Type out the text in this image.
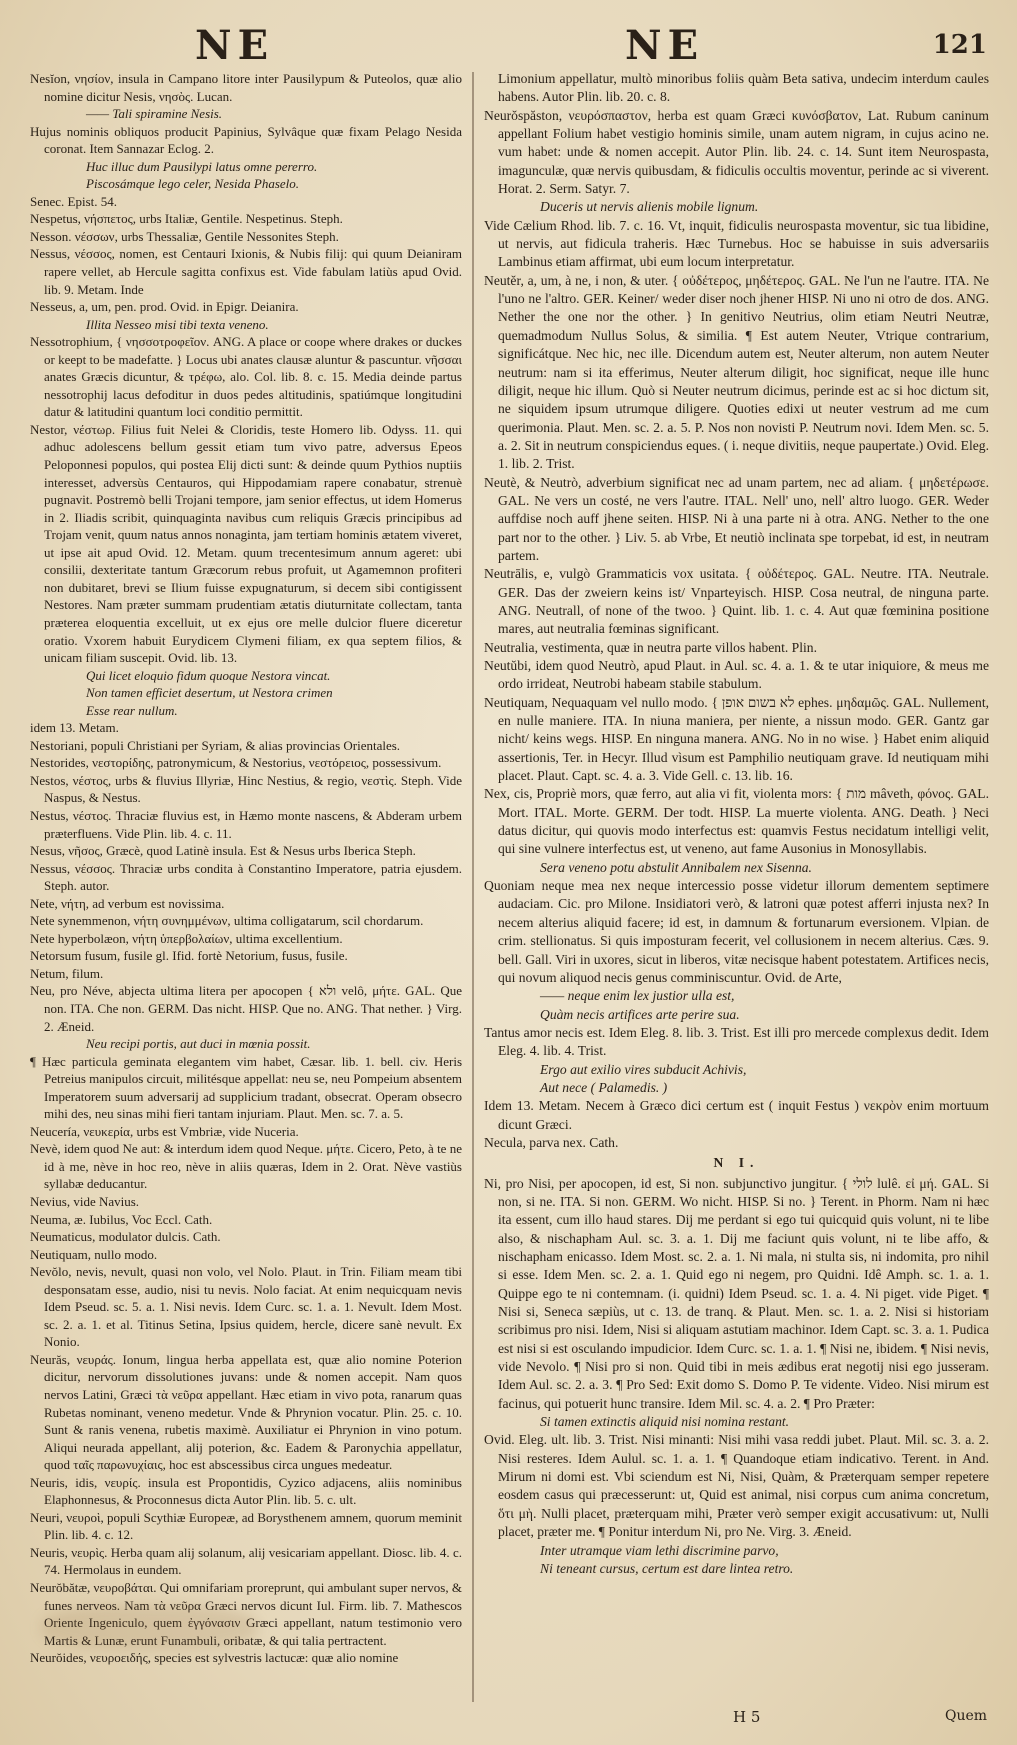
NE	NE	121

Nesĭon, νησίον, insula in Campano litore inter Pausilypum & Puteolos, quæ alio nomine dicitur Nesis, νησὸς. Lucan.

—— Tali spiramine Nesis.

Hujus nominis obliquos producit Papinius, Sylvâque quæ fixam Pelago Nesida coronat. Item Sannazar Eclog. 2.

Huc illuc dum Pausilypi latus omne pererro.

Piscosámque lego celer, Nesida Phaselo.

Senec. Epist. 54.

Nespetus, νήσπετος, urbs Italiæ, Gentile. Nespetinus. Steph.

Nesson. νέσσων, urbs Thessaliæ, Gentile Nessonites Steph.

Nessus, νέσσος, nomen, est Centauri Ixionis, & Nubis filij: qui quum Deianiram rapere vellet, ab Hercule sagitta confixus est. Vide fabulam latiùs apud Ovid. lib. 9. Metam. Inde

Nesseus, a, um, pen. prod. Ovid. in Epigr. Deianira.

Illita Nesseo misi tibi texta veneno.

Nessotrophium, { νησσοτροφεῖον. ANG. A place or coope where drakes or duckes or keept to be madefatte. } Locus ubi anates clausæ aluntur & pascuntur. νῆσσαι anates Græcis dicuntur, & τρέφω, alo. Col. lib. 8. c. 15. Media deinde partus nessotrophij lacus defoditur in duos pedes altitudinis, spatiúmque longitudini datur & latitudini quantum loci conditio permittit.

Nestor, νέστωρ. Filius fuit Nelei & Cloridis, teste Homero lib. Odyss. 11. qui adhuc adolescens bellum gessit etiam tum vivo patre, adversus Epeos Peloponnesi populos, qui postea Elij dicti sunt: & deinde quum Pythios nuptiis interesset, adversùs Centauros, qui Hippodamiam rapere conabatur, strenuè pugnavit. Postremò belli Trojani tempore, jam senior effectus, ut idem Homerus in 2. Iliadis scribit, quinquaginta navibus cum reliquis Græcis principibus ad Trojam venit, quum natus annos nonaginta, jam tertiam hominis ætatem viveret, ut ipse ait apud Ovid. 12. Metam. quum trecentesimum annum ageret: ubi consilii, dexteritate tantum Græcorum rebus profuit, ut Agamemnon profiteri non dubitaret, brevi se Ilium fuisse expugnaturum, si decem sibi contigissent Nestores. Nam præter summam prudentiam ætatis diuturnitate collectam, tanta præterea eloquentia excelluit, ut ex ejus ore melle dulcior fluere diceretur oratio. Vxorem habuit Eurydicem Clymeni filiam, ex qua septem filios, & unicam filiam suscepit. Ovid. lib. 13.

Qui licet eloquio fidum quoque Nestora vincat.

Non tamen efficiet desertum, ut Nestora crimen

Esse rear nullum.

idem 13. Metam.

Nestoriani, populi Christiani per Syriam, & alias provincias Orientales.

Nestorides, νεστορίδης, patronymicum, & Nestorius, νεστόρειος, possessivum.

Nestos, νέστος, urbs & fluvius Illyriæ, Hinc Nestius, & regio, νεστὶς. Steph. Vide Naspus, & Nestus.

Nestus, νέστος. Thraciæ fluvius est, in Hæmo monte nascens, & Abderam urbem præterfluens. Vide Plin. lib. 4. c. 11.

Nesus, νῆσος, Græcè, quod Latinè insula. Est & Nesus urbs Iberica Steph.

Nessus, νέσσος. Thraciæ urbs condita à Constantino Imperatore, patria ejusdem. Steph. autor.

Nete, νήτη, ad verbum est novissima.

Nete synemmenon, νήτη συνημμένων, ultima colligatarum, scil chordarum.

Nete hyperbolæon, νήτη ὑπερβολαίων, ultima excellentium.

Netorsum fusum, fusile gl. Ifid. fortè Netorium, fusus, fusile.

Netum, filum.

Neu, pro Néve, abjecta ultima litera per apocopen { ולא velô, μήτε. GAL. Que non. ITA. Che non. GERM. Das nicht. HISP. Que no. ANG. That nether. } Virg. 2. Æneid.

Neu recipi portis, aut duci in mœnia possit.

¶ Hæc particula geminata elegantem vim habet, Cæsar. lib. 1. bell. civ. Heris Petreius manipulos circuit, militésque appellat: neu se, neu Pompeium absentem Imperatorem suum adversarij ad supplicium tradant, obsecrat. Operam obsecro mihi des, neu sinas mihi fieri tantam injuriam. Plaut. Men. sc. 7. a. 5.

Neucería, νευκερία, urbs est Vmbriæ, vide Nuceria.

Nevè, idem quod Ne aut: & interdum idem quod Neque. μήτε. Cicero, Peto, à te ne id à me, nève in hoc reo, nève in aliis quæras, Idem in 2. Orat. Nève vastiùs syllabæ deducantur.

Nevius, vide Navius.

Neuma, æ. Iubilus, Voc Eccl. Cath.

Neumaticus, modulator dulcis. Cath.

Neutiquam, nullo modo.

Nevŏlo, nevis, nevult, quasi non volo, vel Nolo. Plaut. in Trin. Filiam meam tibi desponsatam esse, audio, nisi tu nevis. Nolo faciat. At enim nequicquam nevis Idem Pseud. sc. 5. a. 1. Nisi nevis. Idem Curc. sc. 1. a. 1. Nevult. Idem Most. sc. 2. a. 1. et al. Titinus Setina, Ipsius quidem, hercle, dicere sanè nevult. Ex Nonio.

Neurăs, νευράς. Ionum, lingua herba appellata est, quæ alio nomine Poterion dicitur, nervorum dissolutiones juvans: unde & nomen accepit. Nam quos nervos Latini, Græci τὰ νεῦρα appellant. Hæc etiam in vivo pota, ranarum quas Rubetas nominant, veneno medetur. Vnde & Phrynion vocatur. Plin. 25. c. 10. Sunt & ranis venena, rubetis maximè. Auxiliatur ei Phrynion in vino potum. Aliqui neurada appellant, alij poterion, &c. Eadem & Paronychia appellatur, quod ταῖς παρωνυχίαις, hoc est abscessibus circa ungues medeatur.

Neuris, idis, νευρίς. insula est Propontidis, Cyzico adjacens, aliis nominibus Elaphonnesus, & Proconnesus dicta Autor Plin. lib. 5. c. ult.

Neuri, νευροὶ, populi Scythiæ Europeæ, ad Borysthenem amnem, quorum meminit Plin. lib. 4. c. 12.

Neuris, νευρὶς. Herba quam alij solanum, alij vesicariam appellant. Diosc. lib. 4. c. 74. Hermolaus in eundem.

Neurŏbătæ, νευροβάται. Qui omnifariam proreprunt, qui ambulant super nervos, & funes nerveos. Nam τὰ νεῦρα Græci nervos dicunt Iul. Firm. lib. 7. Mathescos Oriente Ingeniculo, quem ἐγγόνασιν Græci appellant, natum testimonio vero Martis & Lunæ, erunt Funambuli, oribatæ, & qui talia pertractent.

Neurŏides, νευροειδής, species est sylvestris lactucæ: quæ alio nomine

Limonium appellatur, multò minoribus foliis quàm Beta sativa, undecim interdum caules habens. Autor Plin. lib. 20. c. 8.

Neurŏspăston, νευρόσπαστον, herba est quam Græci κυνόσβατον, Lat. Rubum caninum appellant Folium habet vestigio hominis simile, unam autem nigram, in cujus acino ne. vum habet: unde & nomen accepit. Autor Plin. lib. 24. c. 14. Sunt item Neurospasta, imagunculæ, quæ nervis quibusdam, & fidiculis occultis moventur, perinde ac si viverent. Horat. 2. Serm. Satyr. 7.

Duceris ut nervis alienis mobile lignum.

Vide Cælium Rhod. lib. 7. c. 16. Vt, inquit, fidiculis neurospasta moventur, sic tua libidine, ut nervis, aut fidicula traheris. Hæc Turnebus. Hoc se habuisse in suis adversariis Lambinus etiam affirmat, ubi eum locum interpretatur.

Neutĕr, a, um, à ne, i non, & uter. { οὐδέτερος, μηδέτερος. GAL. Ne l'un ne l'autre. ITA. Ne l'uno ne l'altro. GER. Keiner/ weder diser noch jhener HISP. Ni uno ni otro de dos. ANG. Nether the one nor the other. } In genitivo Neutrius, olim etiam Neutri Neutræ, quemadmodum Nullus Solus, & similia. ¶ Est autem Neuter, Vtrique contrarium, significátque. Nec hic, nec ille. Dicendum autem est, Neuter alterum, non autem Neuter neutrum: nam si ita efferimus, Neuter alterum diligit, hoc significat, neque ille hunc diligit, neque hic illum. Quò si Neuter neutrum dicimus, perinde est ac si hoc dictum sit, ne siquidem ipsum utrumque diligere. Quoties edixi ut neuter vestrum ad me cum querimonia. Plaut. Men. sc. 2. a. 5. P. Nos non novisti P. Neutrum novi. Idem Men. sc. 5. a. 2. Sit in neutrum conspiciendus eques. ( i. neque divitiis, neque paupertate.) Ovid. Eleg. 1. lib. 2. Trist.

Neutè, & Neutrò, adverbium significat nec ad unam partem, nec ad aliam. { μηδετέρωσε. GAL. Ne vers un costé, ne vers l'autre. ITAL. Nell' uno, nell' altro luogo. GER. Weder auffdise noch auff jhene seiten. HISP. Ni à una parte ni à otra. ANG. Nether to the one part nor to the other. } Liv. 5. ab Vrbe, Et neutiò inclinata spe torpebat, id est, in neutram partem.

Neutrālis, e, vulgò Grammaticis vox usitata. { οὐδέτερος. GAL. Neutre. ITA. Neutrale. GER. Das der zweiern keins ist/ Vnparteyisch. HISP. Cosa neutral, de ninguna parte. ANG. Neutrall, of none of the twoo. } Quint. lib. 1. c. 4. Aut quæ fœminina positione mares, aut neutralia fœminas significant.

Neutralia, vestimenta, quæ in neutra parte villos habent. Plin.

Neutŭbi, idem quod Neutrò, apud Plaut. in Aul. sc. 4. a. 1. & te utar iniquiore, & meus me ordo irrideat, Neutrobi habeam stabile stabulum.

Neutiquam, Nequaquam vel nullo modo. { לא בשום אופן ephes. μηδαμῶς. GAL. Nullement, en nulle maniere. ITA. In niuna maniera, per niente, a nissun modo. GER. Gantz gar nicht/ keins wegs. HISP. En ninguna manera. ANG. No in no wise. } Habet enim aliquid assertionis, Ter. in Hecyr. Illud vìsum est Pamphilio neutiquam grave. Id neutiquam mihi placet. Plaut. Capt. sc. 4. a. 3. Vide Gell. c. 13. lib. 16.

Nex, cis, Propriè mors, quæ ferro, aut alia vi fit, violenta mors: { מות mâveth, φόνος. GAL. Mort. ITAL. Morte. GERM. Der todt. HISP. La muerte violenta. ANG. Death. } Neci datus dicitur, qui quovis modo interfectus est: quamvis Festus necidatum intelligi velit, qui sine vulnere interfectus est, ut veneno, aut fame Ausonius in Monosyllabis.

Sera veneno potu abstulit Annibalem nex Sisenna.

Quoniam neque mea nex neque intercessio posse videtur illorum dementem septimere audaciam. Cic. pro Milone. Insidiatori verò, & latroni quæ potest afferri injusta nex? In necem alterius aliquid facere; id est, in damnum & fortunarum eversionem. Vlpian. de crim. stellionatus. Si quis imposturam fecerit, vel collusionem in necem alterius. Cæs. 9. bell. Gall. Viri in uxores, sicut in liberos, vitæ necisque habent potestatem. Artifices necis, qui novum aliquod necis genus comminiscuntur. Ovid. de Arte,

—— neque enim lex justior ulla est,

Quàm necis artifices arte perire sua.

Tantus amor necis est. Idem Eleg. 8. lib. 3. Trist. Est illi pro mercede complexus dedit. Idem Eleg. 4. lib. 4. Trist.

Ergo aut exilio vires subducit Achivis,

Aut nece ( Palamedis. )

Idem 13. Metam. Necem à Græco dici certum est ( inquit Festus ) νεκρὸν enim mortuum dicunt Græci.

Necula, parva nex. Cath.

N I.

Ni, pro Nisi, per apocopen, id est, Si non. subjunctivo jungitur. { לולי lulê. εἰ μή. GAL. Si non, si ne. ITA. Si non. GERM. Wo nicht. HISP. Si no. } Terent. in Phorm. Nam ni hæc ita essent, cum illo haud stares. Dij me perdant si ego tui quicquid quis volunt, ni te libe also, & nischapham Aul. sc. 3. a. 1. Dij me faciunt quis volunt, ni te libe affo, & nischapham enicasso. Idem Most. sc. 2. a. 1. Ni mala, ni stulta sis, ni indomita, pro nihil si esse. Idem Men. sc. 2. a. 1. Quid ego ni negem, pro Quidni. Idê Amph. sc. 1. a. 1. Quippe ego te ni contemnam. (i. quidni) Idem Pseud. sc. 1. a. 4. Ni piget. vide Piget. ¶ Nisi si, Seneca sæpiùs, ut c. 13. de tranq. & Plaut. Men. sc. 1. a. 2. Nisi si historiam scribimus pro nisi. Idem, Nisi si aliquam astutiam machinor. Idem Capt. sc. 3. a. 1. Pudica est nisi si est osculando impudicior. Idem Curc. sc. 1. a. 1. ¶ Nisi ne, ibidem. ¶ Nisi nevis, vide Nevolo. ¶ Nisi pro si non. Quid tibi in meis ædibus erat negotij nisi ego jusseram. Idem Aul. sc. 2. a. 3. ¶ Pro Sed: Exit domo S. Domo P. Te vidente. Video. Nisi mirum est facinus, qui potuerit hunc transire. Idem Mil. sc. 4. a. 2. ¶ Pro Præter:

Si tamen extinctis aliquid nisi nomina restant.

Ovid. Eleg. ult. lib. 3. Trist. Nisi minanti: Nisi mihi vasa reddi jubet. Plaut. Mil. sc. 3. a. 2. Nisi resteres. Idem Aulul. sc. 1. a. 1. ¶ Quandoque etiam indicativo. Terent. in And. Mirum ni domi est. Vbi sciendum est Ni, Nisi, Quàm, & Præterquam semper repetere eosdem casus qui præcesserunt: ut, Quid est animal, nisi corpus cum anima concretum, ὅτι μὴ. Nulli placet, præterquam mihi, Præter verò semper exigit accusativum: ut, Nulli placet, præter me. ¶ Ponitur interdum Ni, pro Ne. Virg. 3. Æneid.

Inter utramque viam lethi discrimine parvo,

Ni teneant cursus, certum est dare lintea retro.

H 5	Quem
